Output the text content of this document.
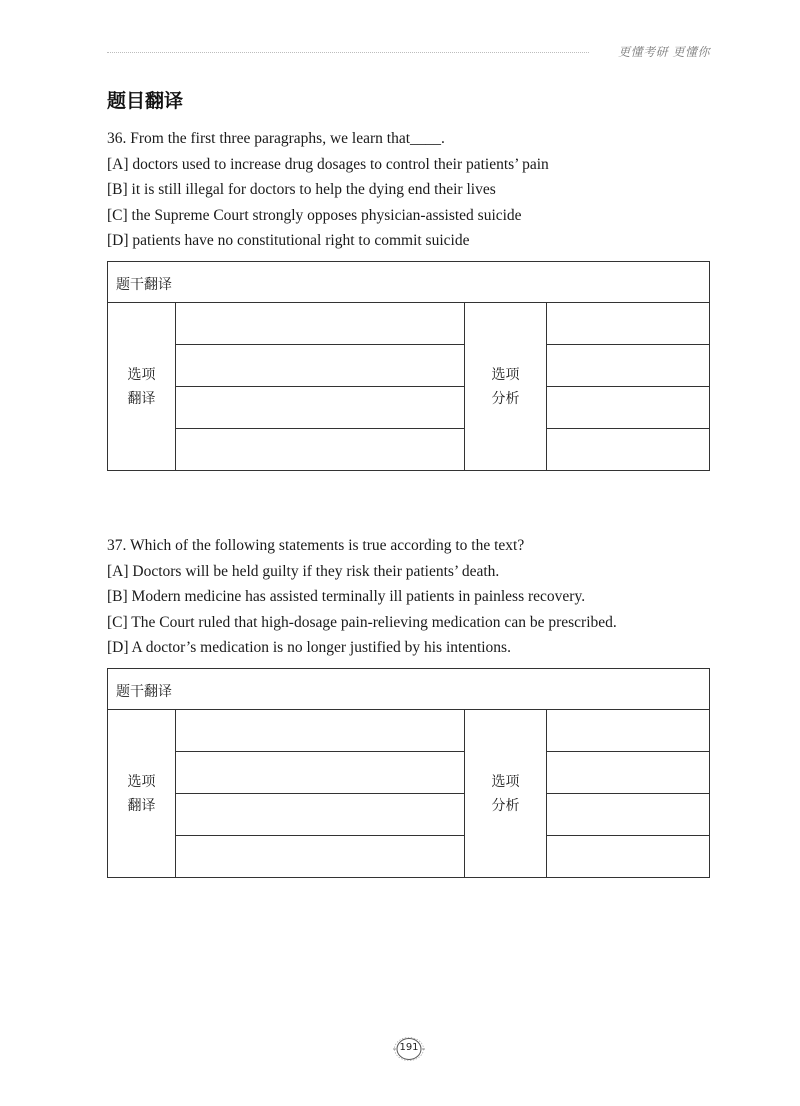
更懂考研 更懂你
题目翻译
36. From the first three paragraphs, we learn that____.
[A] doctors used to increase drug dosages to control their patients’ pain
[B] it is still illegal for doctors to help the dying end their lives
[C] the Supreme Court strongly opposes physician-assisted suicide
[D] patients have no constitutional right to commit suicide
题干翻译
选项
翻译
选项
分析
37. Which of the following statements is true according to the text?
[A] Doctors will be held guilty if they risk their patients’ death.
[B] Modern medicine has assisted terminally ill patients in painless recovery.
[C] The Court ruled that high-dosage pain-relieving medication can be prescribed.
[D] A doctor’s medication is no longer justified by his intentions.
题干翻译
选项
翻译
选项
分析
191
